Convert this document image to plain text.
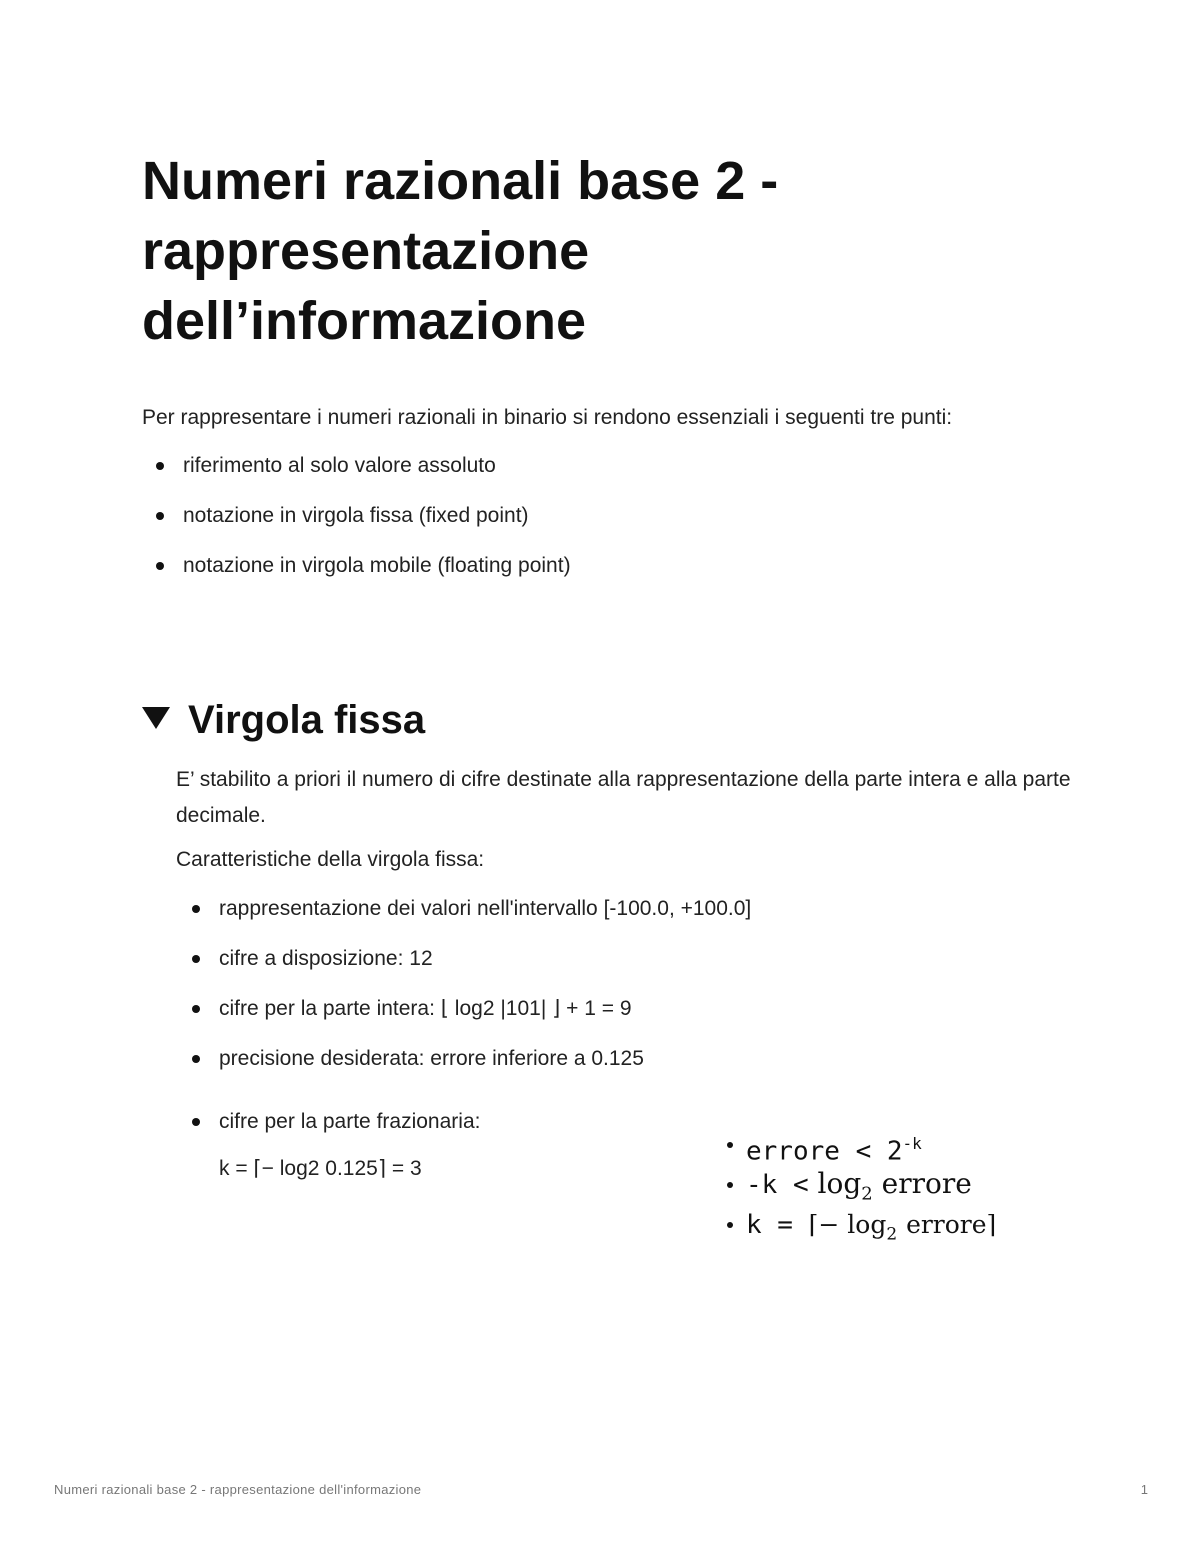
Numeri razionali base 2 - rappresentazione dell’informazione
Per rappresentare i numeri razionali in binario si rendono essenziali i seguenti tre punti:
riferimento al solo valore assoluto
notazione in virgola fissa (fixed point)
notazione in virgola mobile (floating point)
Virgola fissa
E’ stabilito a priori il numero di cifre destinate alla rappresentazione della parte intera e alla parte decimale.
Caratteristiche della virgola fissa:
rappresentazione dei valori nell'intervallo [-100.0, +100.0]
cifre a disposizione: 12
cifre per la parte intera: ⌊ log2 |101| ⌋ + 1 = 9
precisione desiderata: errore inferiore a 0.125
cifre per la parte frazionaria:
k = ⌈− log2 0.125⌉ = 3
errore < $2^{-k}$
$-k < \log_2$ errore
k = ⌈− $\log_2$ errore⌉
Numeri razionali base 2 - rappresentazione dell'informazione	1
